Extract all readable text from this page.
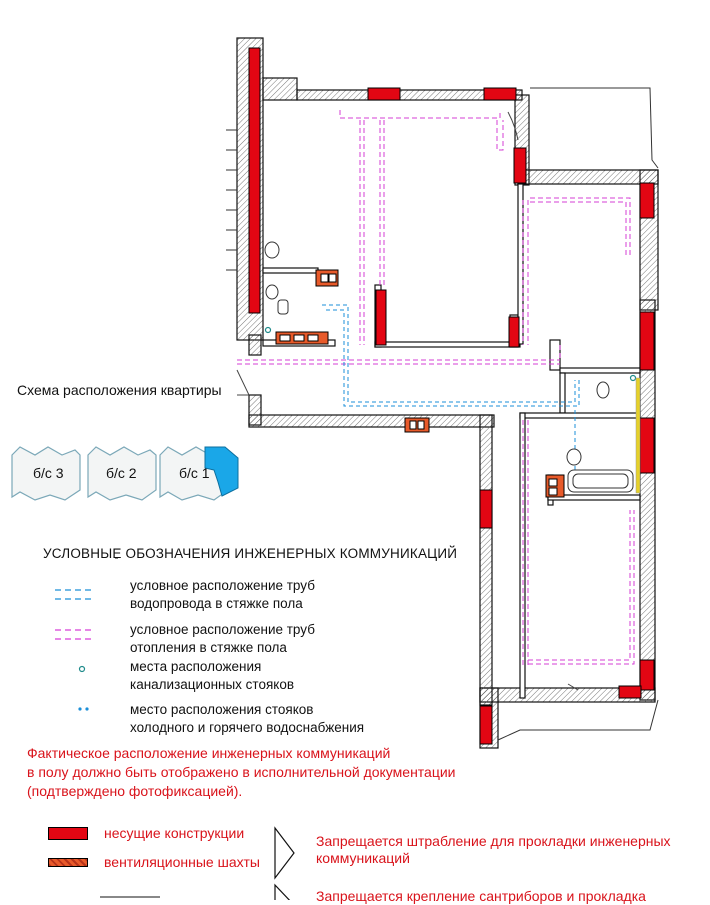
Схема расположения квартиры
б/с 3	б/с 2	б/с 1
УСЛОВНЫЕ ОБОЗНАЧЕНИЯ ИНЖЕНЕРНЫХ КОММУНИКАЦИЙ
условное расположение труб
водопровода в стяжке пола
условное расположение труб
отопления в стяжке пола
места расположения
канализационных стояков
место расположения стояков
холодного и горячего водоснабжения
Фактическое расположение инженерных коммуникаций
в полу должно быть отображено в исполнительной документации
(подтверждено фотофиксацией).
несущие конструкции
вентиляционные шахты
Запрещается штрабление для прокладки инженерных
коммуникаций
Запрещается крепление сантриборов и прокладка
